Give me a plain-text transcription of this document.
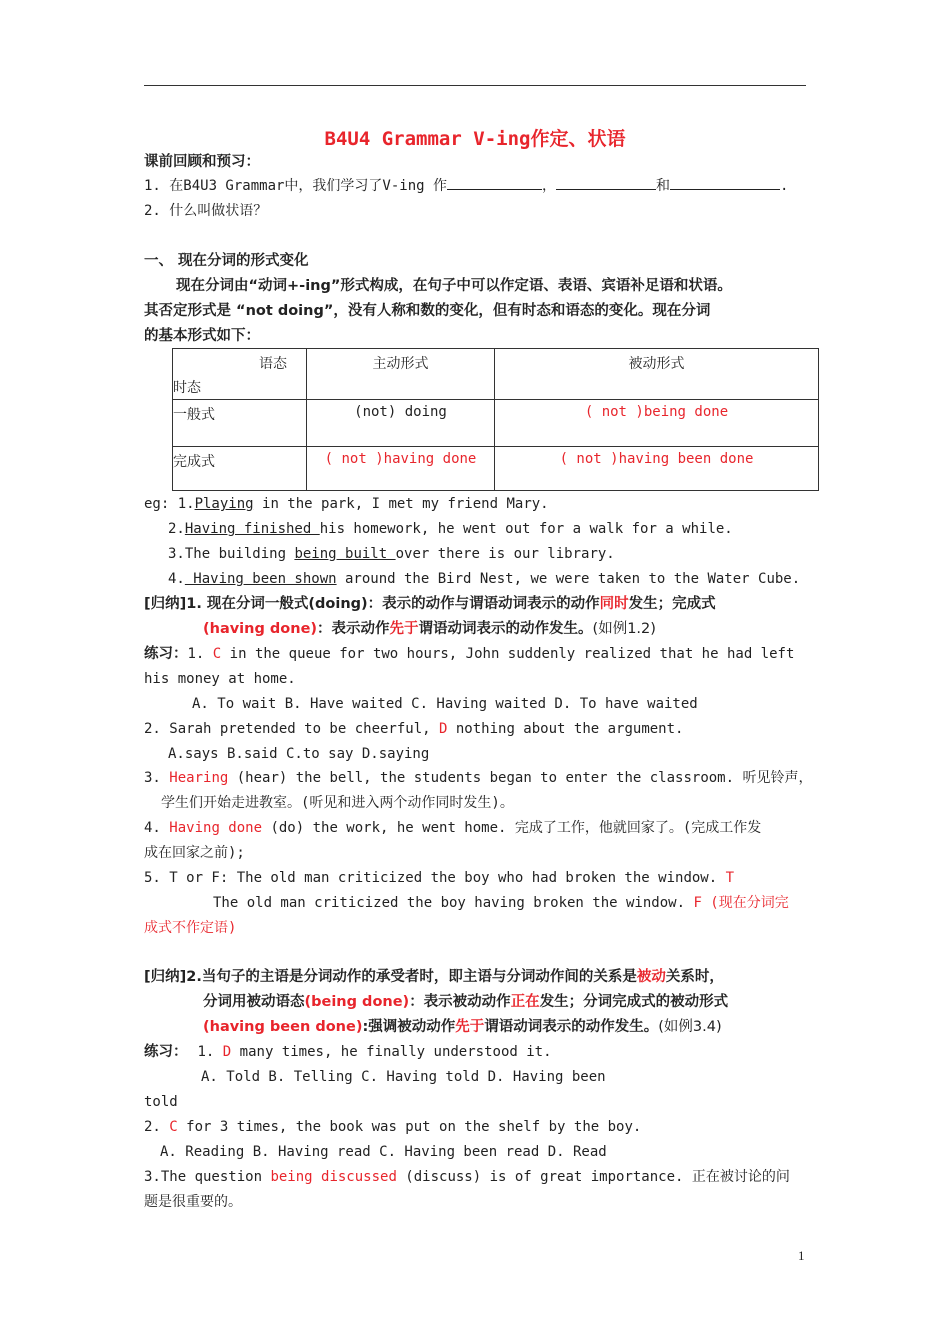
B4U4 Grammar V-ing作定、状语
课前回顾和预习：
1. 在B4U3 Grammar中，我们学习了V-ing 作	，	和	.
2. 什么叫做状语？
一、 现在分词的形式变化
现在分词由“动词+-ing”形式构成，在句子中可以作定语、表语、宾语补足语和状语。
其否定形式是 “not doing”，没有人称和数的变化，但有时态和语态的变化。现在分词
的基本形式如下：
语态
时态	主动形式	被动形式
一般式	(not) doing	( not )being done
完成式	( not )having done	( not )having been done
eg: 1.Playing in the park, I met my friend Mary.
2.Having finished his homework, he went out for a walk for a while.
3.The building being built over there is our library.
4. Having been shown around the Bird Nest, we were taken to the Water Cube.
[归纳]1. 现在分词一般式(doing)：表示的动作与谓语动词表示的动作同时发生；完成式
(having done)：表示动作先于谓语动词表示的动作发生。(如例1.2)
练习：1. C in the queue for two hours, John suddenly realized that he had left
his money at home.
A. To wait B. Have waited C. Having waited D. To have waited
2. Sarah pretended to be cheerful, D nothing about the argument.
A.says B.said C.to say D.saying
3. Hearing (hear) the bell, the students began to enter the classroom. 听见铃声，
学生们开始走进教室。(听见和进入两个动作同时发生)。
4. Having done (do) the work, he went home. 完成了工作，他就回家了。(完成工作发
成在回家之前);
5. T or F: The old man criticized the boy who had broken the window. T
The old man criticized the boy having broken the window. F (现在分词完
成式不作定语)
[归纳]2.当句子的主语是分词动作的承受者时，即主语与分词动作间的关系是被动关系时，
分词用被动语态(being done)：表示被动动作正在发生；分词完成式的被动形式
(having been done):强调被动动作先于谓语动词表示的动作发生。(如例3.4)
练习： 1. D many times, he finally understood it.
A. Told B. Telling C. Having told D. Having been
told
2. C for 3 times, the book was put on the shelf by the boy.
A. Reading B. Having read C. Having been read D. Read
3.The question being discussed (discuss) is of great importance. 正在被讨论的问
题是很重要的。
1
